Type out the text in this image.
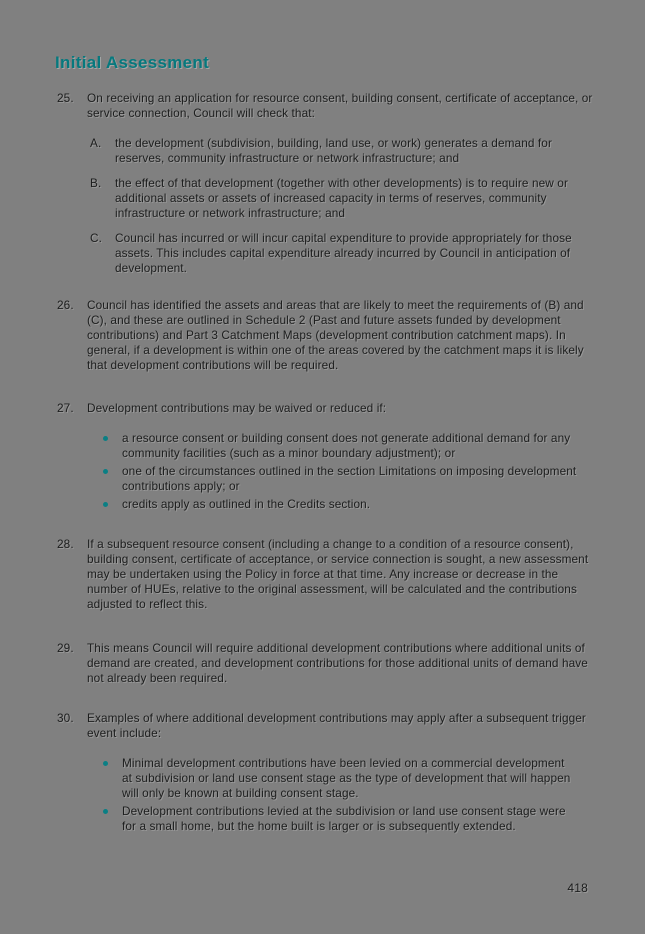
Initial Assessment
25.	On receiving an application for resource consent, building consent, certificate of acceptance, or service connection, Council will check that:
A.	the development (subdivision, building, land use, or work) generates a demand for reserves, community infrastructure or network infrastructure; and
B.	the effect of that development (together with other developments) is to require new or additional assets or assets of increased capacity in terms of reserves, community infrastructure or network infrastructure; and
C.	Council has incurred or will incur capital expenditure to provide appropriately for those assets. This includes capital expenditure already incurred by Council in anticipation of development.
26.	Council has identified the assets and areas that are likely to meet the requirements of (B) and (C), and these are outlined in Schedule 2 (Past and future assets funded by development contributions) and Part 3 Catchment Maps (development contribution catchment maps). In general, if a development is within one of the areas covered by the catchment maps it is likely that development contributions will be required.
27.	Development contributions may be waived or reduced if:
a resource consent or building consent does not generate additional demand for any community facilities (such as a minor boundary adjustment); or
one of the circumstances outlined in the section Limitations on imposing development contributions apply; or
credits apply as outlined in the Credits section.
28.	If a subsequent resource consent (including a change to a condition of a resource consent), building consent, certificate of acceptance, or service connection is sought, a new assessment may be undertaken using the Policy in force at that time. Any increase or decrease in the number of HUEs, relative to the original assessment, will be calculated and the contributions adjusted to reflect this.
29.	This means Council will require additional development contributions where additional units of demand are created, and development contributions for those additional units of demand have not already been required.
30.	Examples of where additional development contributions may apply after a subsequent trigger event include:
Minimal development contributions have been levied on a commercial development at subdivision or land use consent stage as the type of development that will happen will only be known at building consent stage.
Development contributions levied at the subdivision or land use consent stage were for a small home, but the home built is larger or is subsequently extended.
418
